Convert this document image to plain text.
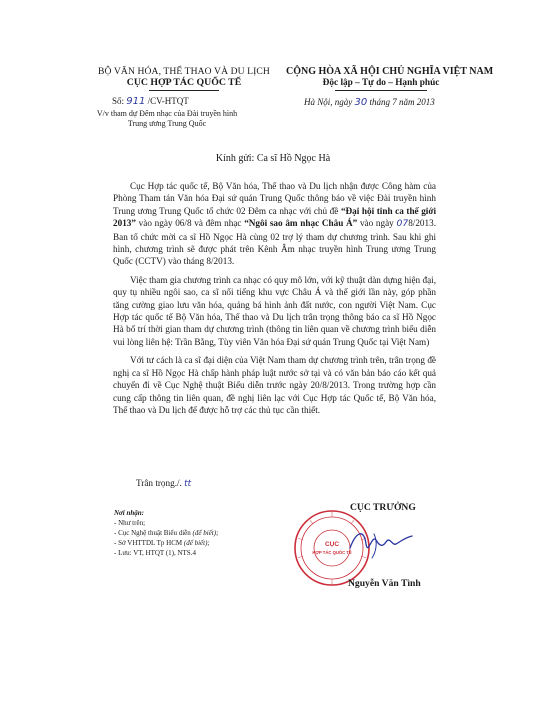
BỘ VĂN HÓA, THỂ THAO VÀ DU LỊCH
CỤC HỢP TÁC QUỐC TẾ
CỘNG HÒA XÃ HỘI CHỦ NGHĨA VIỆT NAM
Độc lập – Tự do – Hạnh phúc
Số: 911 /CV-HTQT
V/v tham dự Đêm nhạc của Đài truyền hình Trung ương Trung Quốc
Hà Nội, ngày 30 tháng 7 năm 2013
Kính gửi: Ca sĩ Hồ Ngọc Hà

Cục Hợp tác quốc tế, Bộ Văn hóa, Thể thao và Du lịch nhận được Công hàm của Phòng Tham tán Văn hóa Đại sứ quán Trung Quốc thông báo về việc Đài truyền hình Trung ương Trung Quốc tổ chức 02 Đêm ca nhạc với chủ đề “Đại hội tinh ca thế giới 2013” vào ngày 06/8 và đêm nhạc “Ngôi sao âm nhạc Châu Á” vào ngày 078/2013. Ban tổ chức mời ca sĩ Hồ Ngọc Hà cùng 02 trợ lý tham dự chương trình. Sau khi ghi hình, chương trình sẽ được phát trên Kênh Âm nhạc truyền hình Trung ương Trung Quốc (CCTV) vào tháng 8/2013.

Việc tham gia chương trình ca nhạc có quy mô lớn, với kỹ thuật dàn dựng hiện đại, quy tụ nhiều ngôi sao, ca sĩ nổi tiếng khu vực Châu Á và thế giới lần này, góp phần tăng cường giao lưu văn hóa, quảng bá hình ảnh đất nước, con người Việt Nam. Cục Hợp tác quốc tế Bộ Văn hóa, Thể thao và Du lịch trân trọng thông báo ca sĩ Hồ Ngọc Hà bố trí thời gian tham dự chương trình (thông tin liên quan về chương trình biểu diễn vui lòng liên hệ: Trần Bằng, Tùy viên Văn hóa Đại sứ quán Trung Quốc tại Việt Nam)

Với tư cách là ca sĩ đại diện của Việt Nam tham dự chương trình trên, trân trọng đề nghị ca sĩ Hồ Ngọc Hà chấp hành pháp luật nước sở tại và có văn bản báo cáo kết quả chuyến đi về Cục Nghệ thuật Biểu diễn trước ngày 20/8/2013. Trong trường hợp cần cung cấp thông tin liên quan, đề nghị liên lạc với Cục Hợp tác Quốc tế, Bộ Văn hóa, Thể thao và Du lịch để được hỗ trợ các thủ tục cần thiết.

Trân trọng./. tt
Nơi nhận:
- Như trên;
- Cục Nghệ thuật Biểu diễn (để biết);
- Sở VHTTDL Tp HCM (để biết);
- Lưu: VT, HTQT (1), NTS.4
CỤC TRƯỞNG
CỤC
HỢP TÁC QUỐC TẾ
Nguyễn Văn Tình
